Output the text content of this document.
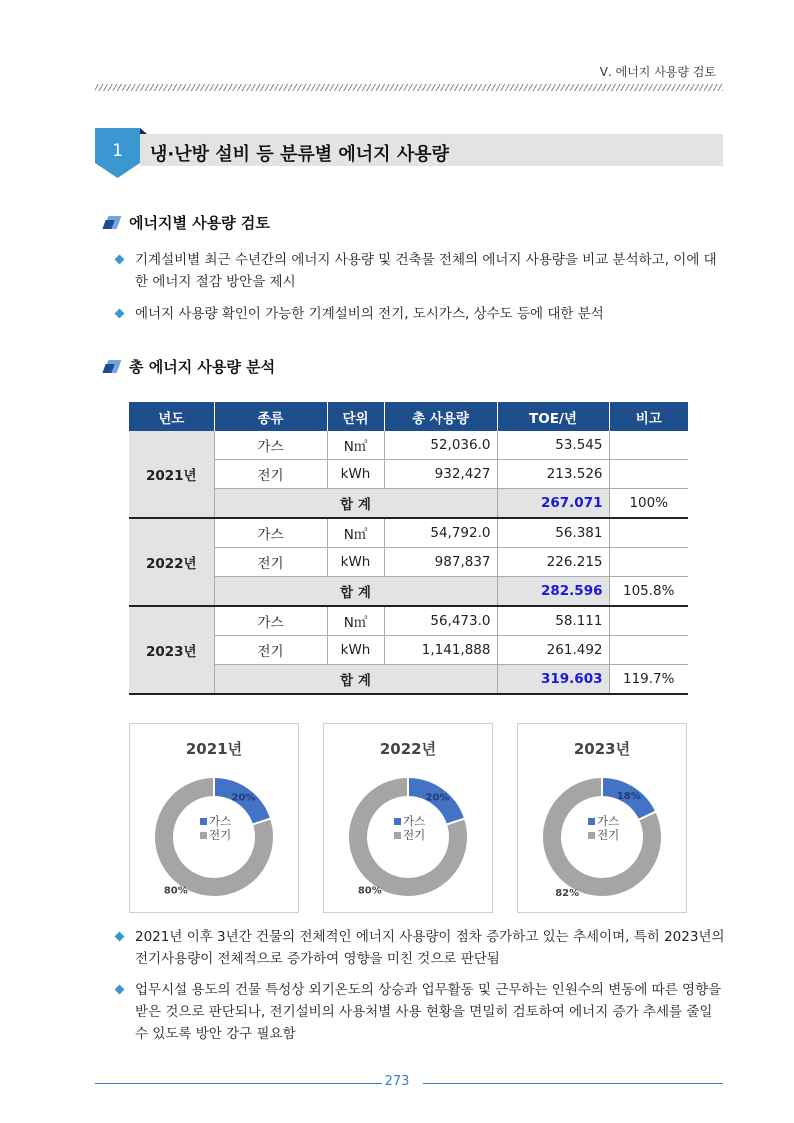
Ⅴ. 에너지 사용량 검토
1	냉·난방 설비 등 분류별 에너지 사용량
에너지별 사용량 검토
기계설비별 최근 수년간의 에너지 사용량 및 건축물 전체의 에너지 사용량을 비교 분석하고, 이에 대한 에너지 절감 방안을 제시
에너지 사용량 확인이 가능한 기계설비의 전기, 도시가스, 상수도 등에 대한 분석
총 에너지 사용량 분석
년도	종류	단위	총 사용량	TOE/년	비고
2021년	가스	N㎥	52,036.0	53.545	
	전기	kWh	932,427	213.526	
	합 계			267.071	100%
2022년	가스	N㎥	54,792.0	56.381	
	전기	kWh	987,837	226.215	
	합 계			282.596	105.8%
2023년	가스	N㎥	56,473.0	58.111	
	전기	kWh	1,141,888	261.492	
	합 계			319.603	119.7%
2021년
20%
80%
가스
전기
2022년
20%
80%
가스
전기
2023년
18%
82%
가스
전기
2021년 이후 3년간 건물의 전체적인 에너지 사용량이 점차 증가하고 있는 추세이며, 특히 2023년의 전기사용량이 전체적으로 증가하여 영향을 미친 것으로 판단됨
업무시설 용도의 건물 특성상 외기온도의 상승과 업무활동 및 근무하는 인원수의 변동에 따른 영향을 받은 것으로 판단되나, 전기설비의 사용처별 사용 현황을 면밀히 검토하여 에너지 증가 추세를 줄일 수 있도록 방안 강구 필요함
273
